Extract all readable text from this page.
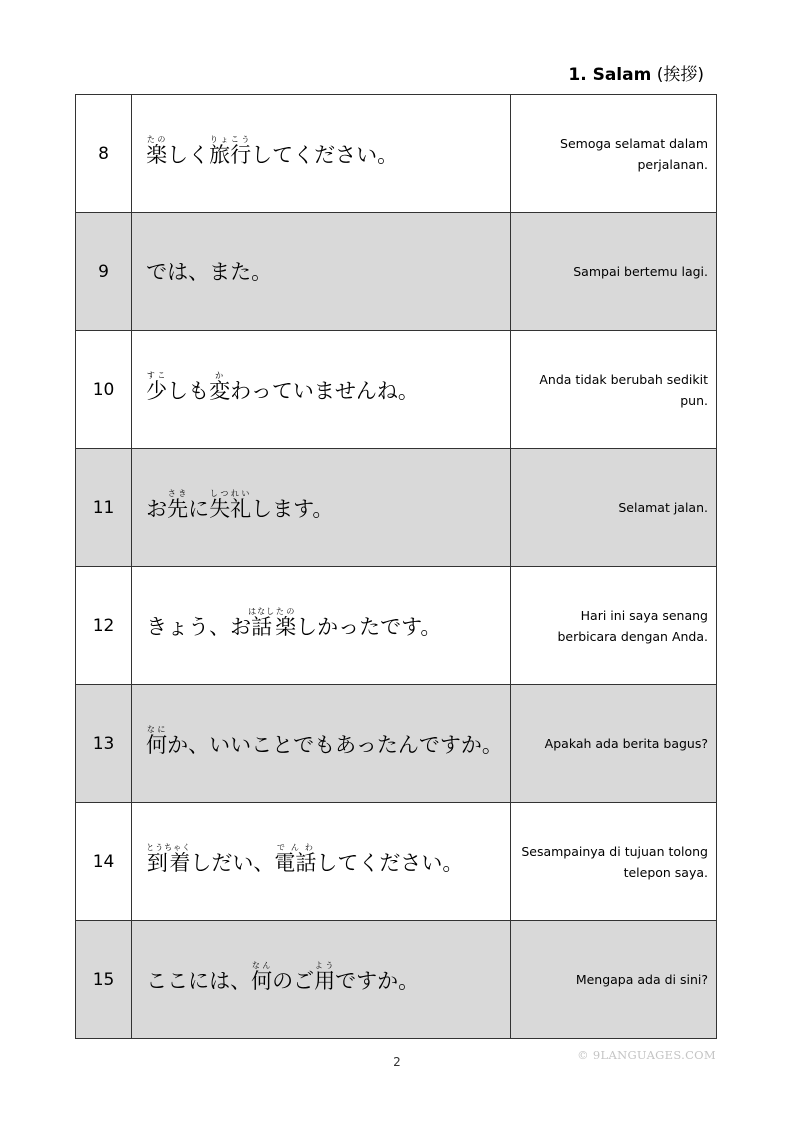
1. Salam (挨拶)
8	楽たのしく旅行りょこうしてください。	Semoga selamat dalam perjalanan.
9	では、また。	Sampai bertemu lagi.
10	少すこしも変かわっていませんね。	Anda tidak berubah sedikit pun.
11	お先さきに失礼しつれいします。	Selamat jalan.
12	きょう、お話はなし楽たのしかったです。	Hari ini saya senang berbicara dengan Anda.
13	何なにか、いいことでもあったんですか。	Apakah ada berita bagus?
14	到着とうちゃくしだい、電話でんわしてください。	Sesampainya di tujuan tolong telepon saya.
15	ここには、何なんのご用ようですか。	Mengapa ada di sini?
2	© 9LANGUAGES.COM
